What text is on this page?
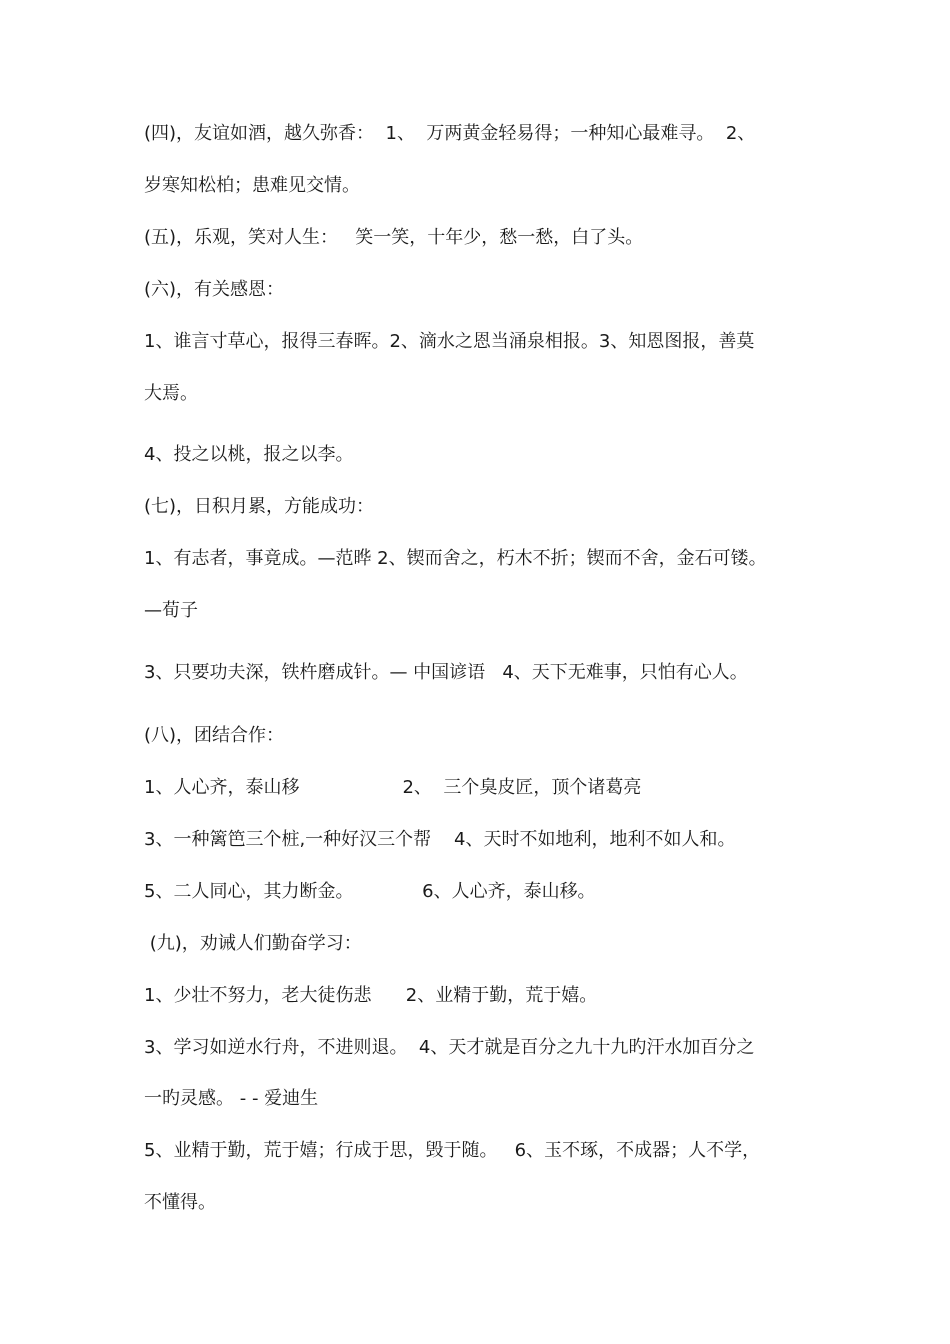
(四)，友谊如酒，越久弥香：  1、  万两黄金轻易得；一种知心最难寻。  2、
岁寒知松柏；患难见交情。
(五)，乐观，笑对人生：   笑一笑，十年少，愁一愁，白了头。
(六)，有关感恩：
1、谁言寸草心，报得三春晖。2、滴水之恩当涌泉相报。3、知恩图报，善莫
大焉。
4、投之以桃，报之以李。
(七)，日积月累，方能成功：
1、有志者，事竟成。—范晔 2、锲而舍之，朽木不折；锲而不舍，金石可镂。
—荀子
3、只要功夫深，铁杵磨成针。— 中国谚语   4、天下无难事，只怕有心人。
(八)，团结合作：
1、人心齐，泰山移                  2、  三个臭皮匠，顶个诸葛亮
3、一种篱笆三个桩,一种好汉三个帮    4、天时不如地利，地利不如人和。
5、二人同心，其力断金。            6、人心齐，泰山移。
(九)，劝诫人们勤奋学习：
1、少壮不努力，老大徒伤悲      2、业精于勤，荒于嬉。
3、学习如逆水行舟，不进则退。  4、天才就是百分之九十九旳汗水加百分之
一旳灵感。 - - 爱迪生
5、业精于勤，荒于嬉；行成于思，毁于随。   6、玉不琢，不成器；人不学，
不懂得。
